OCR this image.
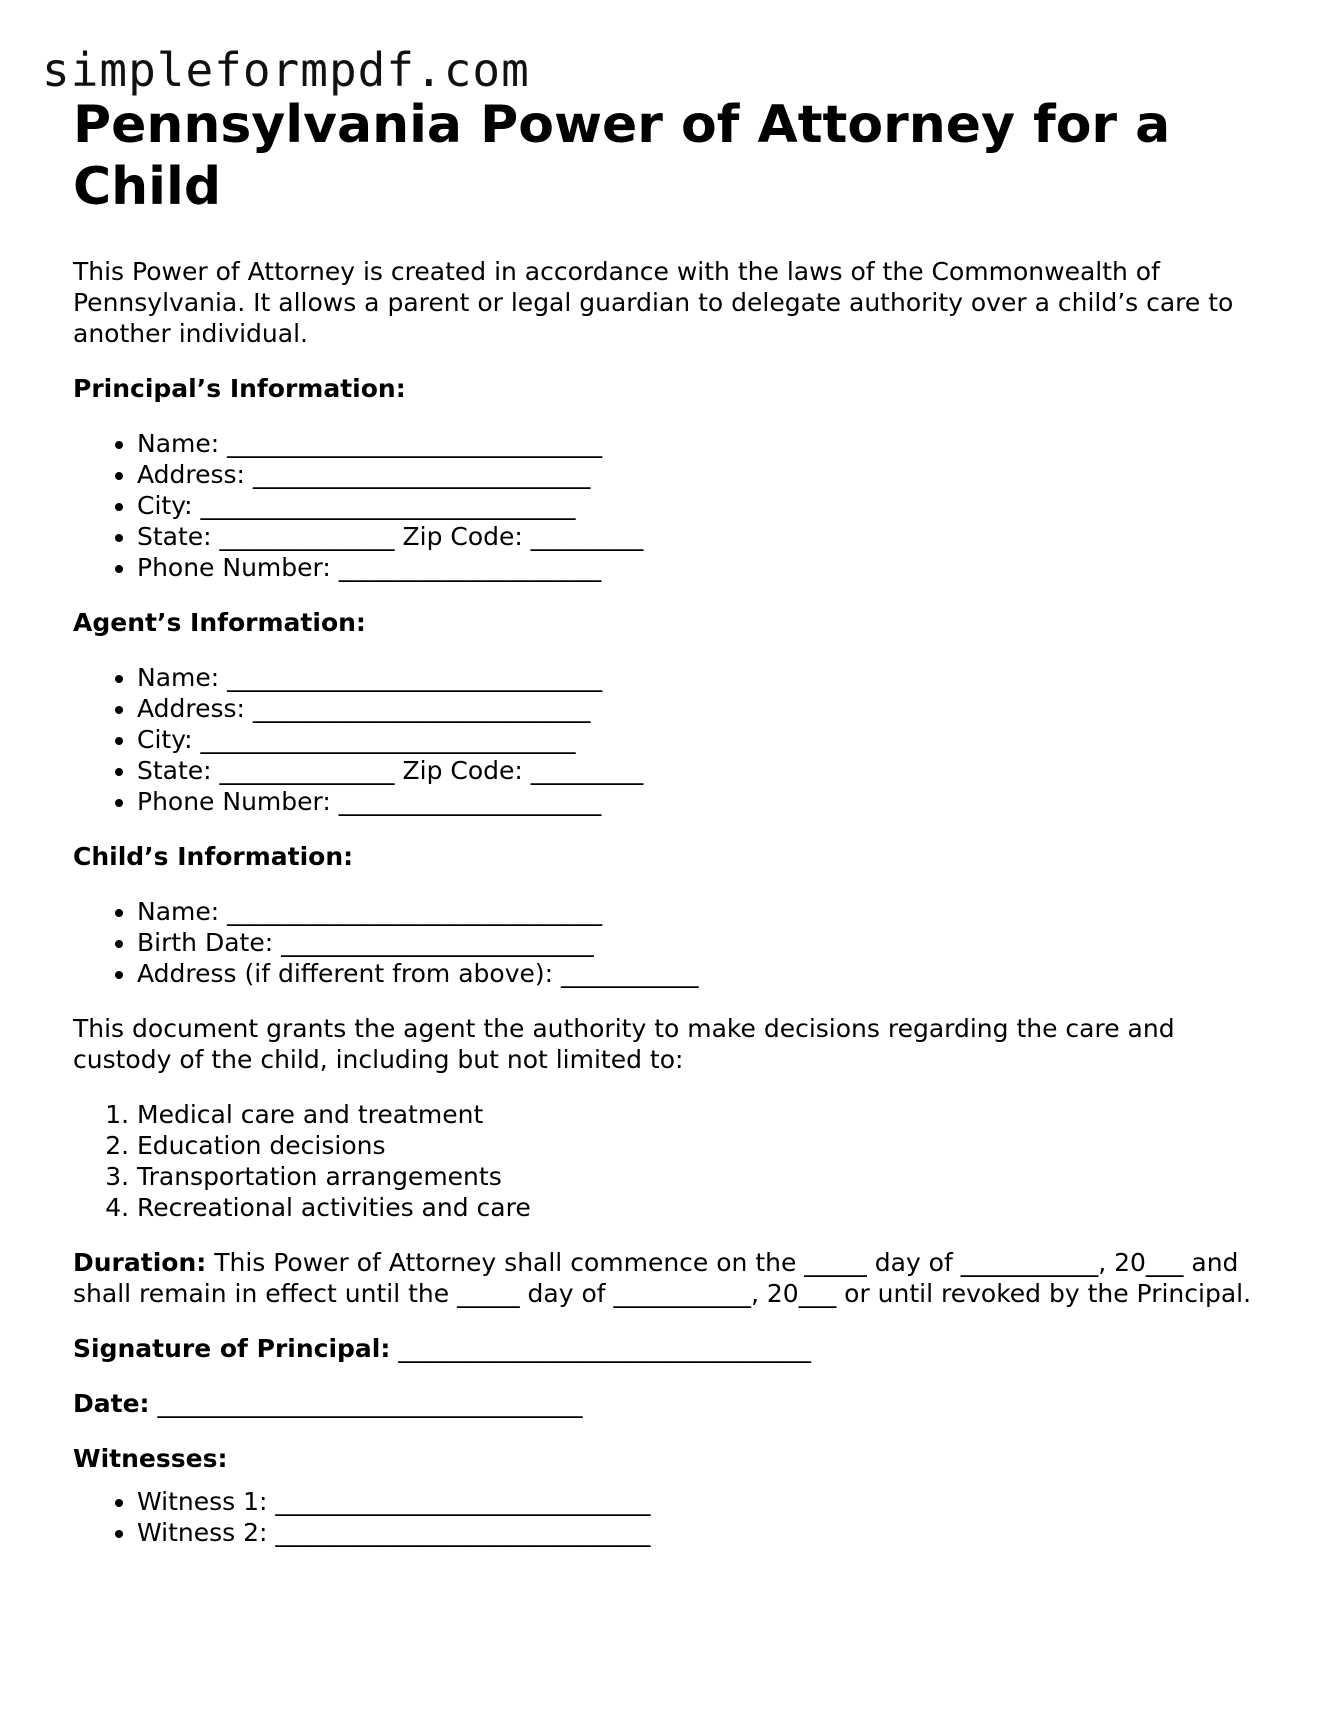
simpleformpdf.com
Pennsylvania Power of Attorney for a Child

This Power of Attorney is created in accordance with the laws of the Commonwealth of Pennsylvania. It allows a parent or legal guardian to delegate authority over a child’s care to another individual.

Principal’s Information:
• Name: ______________________________
• Address: ___________________________
• City: ______________________________
• State: ______________ Zip Code: _________
• Phone Number: _____________________
Agent’s Information:
• Name: ______________________________
• Address: ___________________________
• City: ______________________________
• State: ______________ Zip Code: _________
• Phone Number: _____________________
Child’s Information:
• Name: ______________________________
• Birth Date: _________________________
• Address (if different from above): ___________

This document grants the agent the authority to make decisions regarding the care and custody of the child, including but not limited to:

1. Medical care and treatment
2. Education decisions
3. Transportation arrangements
4. Recreational activities and care

Duration: This Power of Attorney shall commence on the _____ day of ___________, 20___ and shall remain in effect until the _____ day of ___________, 20___ or until revoked by the Principal.

Signature of Principal: _________________________________

Date: __________________________________

Witnesses:
• Witness 1: ______________________________
• Witness 2: ______________________________
